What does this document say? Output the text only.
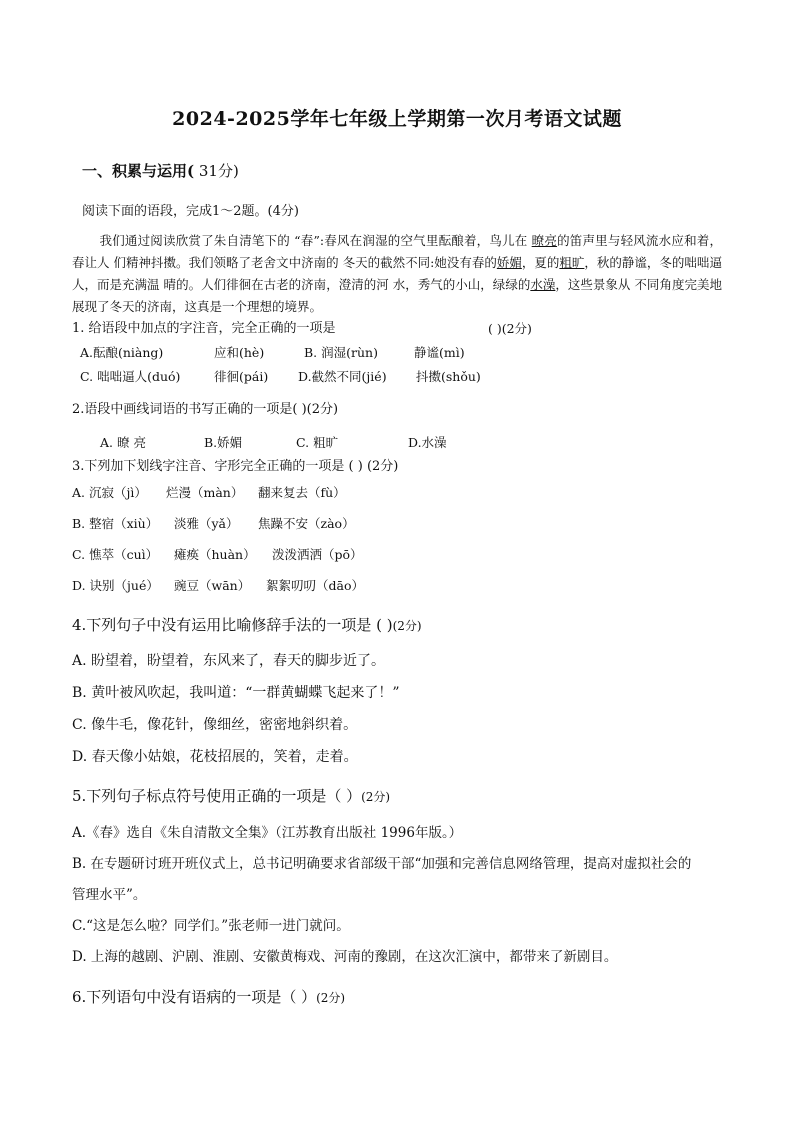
2024-2025学年七年级上学期第一次月考语文试题
一、积累与运用( 31分)
阅读下面的语段，完成1～2题。(4分)
我们通过阅读欣赏了朱自清笔下的 “春”:春风在润湿的空气里酝酿着，鸟儿在 暸亮的笛声里与轻风流水应和着，春让人 们精神抖擞。我们领略了老舍文中济南的 冬天的截然不同:她没有春的娇媚，夏的粗旷，秋的静谧，冬的咄咄逼人，而是充满温 晴的。人们徘徊在古老的济南，澄清的河 水，秀气的小山，绿绿的水澡，这些景象从 不同角度完美地展现了冬天的济南，这真是一个理想的境界。
1. 给语段中加点的字注音，完全正确的一项是	( )(2分)
A.酝酿(niàng)	应和(hè)	B. 润湿(rùn)	静谧(mì)
C. 咄咄逼人(duó)	徘徊(pái) D.截然不同(jié) 抖擞(shǒu)
2.语段中画线词语的书写正确的一项是( )(2分)
A. 暸 亮	B.娇媚	C. 粗旷	D.水澡
3.下列加下划线字注音、字形完全正确的一项是 ( ) (2分)
A. 沉寂（jì） 烂漫（màn） 翻来复去（fù）
B. 整宿（xiù） 淡雅（yǎ） 焦躁不安（zào）
C. 憔萃（cuì） 瘫痪（huàn） 泼泼洒洒（pō）
D. 诀别（jué） 豌豆（wān） 絮絮叨叨（dāo）
4.下列句子中没有运用比喻修辞手法的一项是 ( )(2分)
A. 盼望着，盼望着，东风来了，春天的脚步近了。
B. 黄叶被风吹起，我叫道：“一群黄蝴蝶飞起来了！”
C. 像牛毛，像花针，像细丝，密密地斜织着。
D. 春天像小姑娘，花枝招展的，笑着，走着。
5.下列句子标点符号使用正确的一项是（ ）(2分)
A.《春》选自《朱自清散文全集》（江苏教育出版社 1996年版。）
B. 在专题研讨班开班仪式上，总书记明确要求省部级干部“加强和完善信息网络管理，提高对虚拟社会的
管理水平”。
C.“这是怎么啦？同学们。”张老师一进门就问。
D. 上海的越剧、沪剧、淮剧、安徽黄梅戏、河南的豫剧，在这次汇演中，都带来了新剧目。
6.下列语句中没有语病的一项是（ ）(2分)
